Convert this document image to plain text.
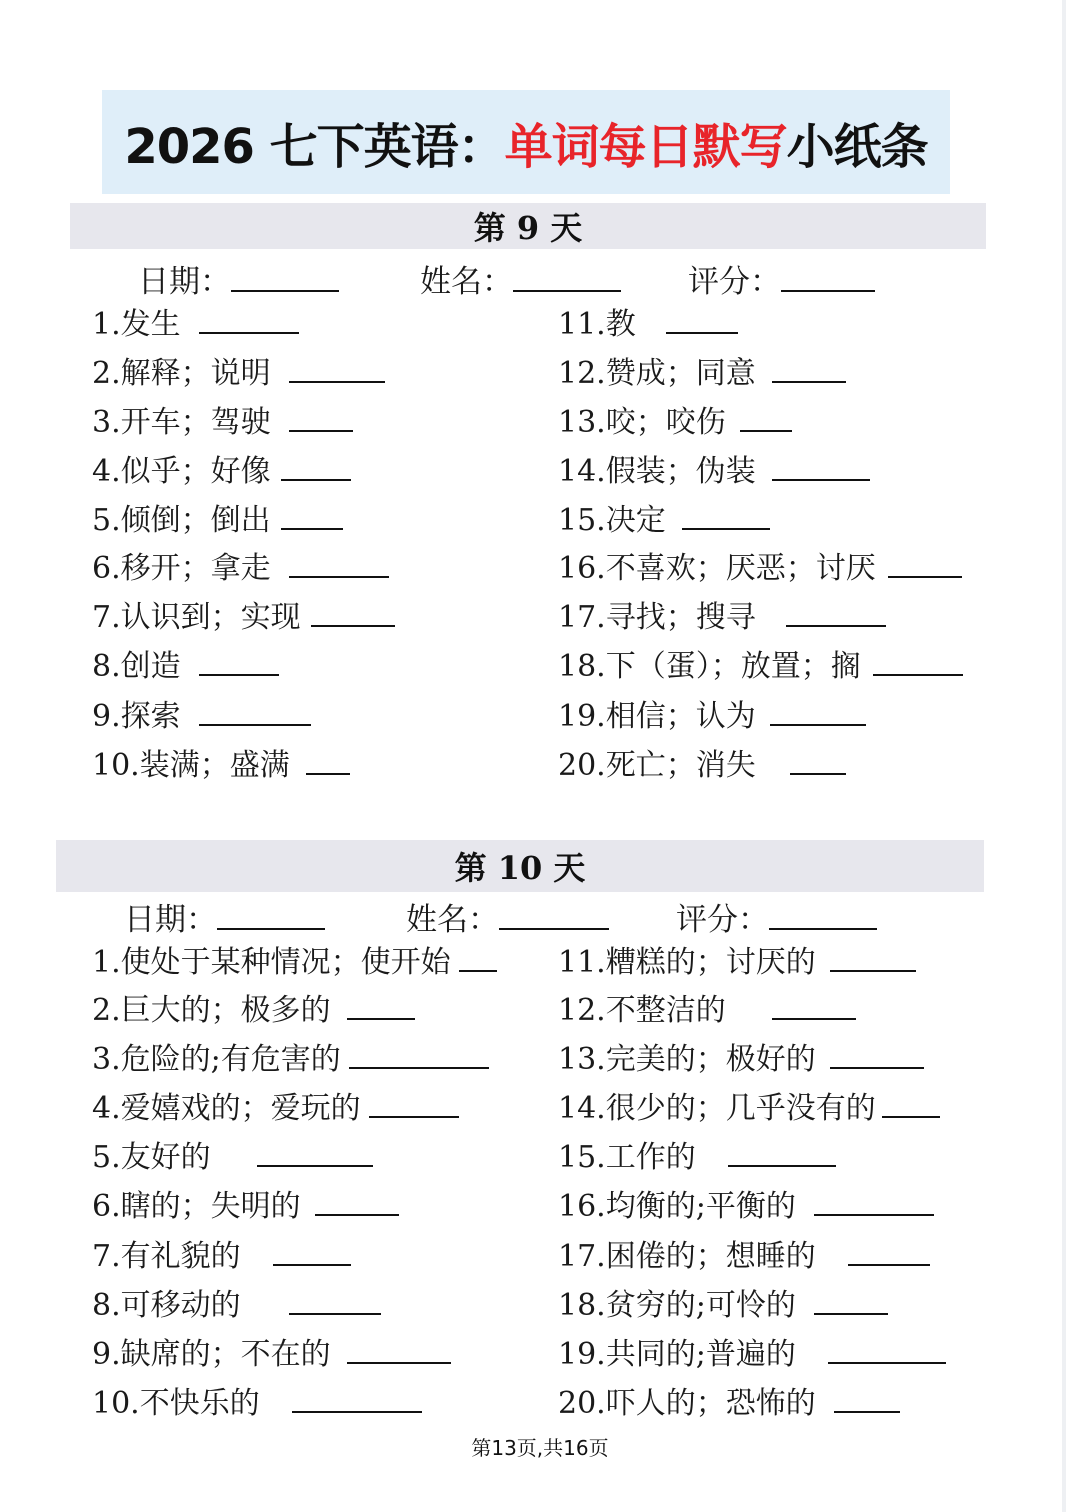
2026 七下英语： 单词每日默写 小纸条
第 9 天
日期：	姓名：	评分：
1.发生
2.解释；说明
3.开车；驾驶
4.似乎；好像
5.倾倒；倒出
6.移开；拿走
7.认识到；实现
8.创造
9.探索
10.装满；盛满
11.教
12.赞成；同意
13.咬；咬伤
14.假装；伪装
15.决定
16.不喜欢；厌恶；讨厌
17.寻找；搜寻
18.下（蛋）；放置；搁
19.相信；认为
20.死亡；消失
第 10 天
日期：	姓名：	评分：
1.使处于某种情况；使开始
2.巨大的；极多的
3.危险的;有危害的
4.爱嬉戏的；爱玩的
5.友好的
6.瞎的；失明的
7.有礼貌的
8.可移动的
9.缺席的；不在的
10.不快乐的
11.糟糕的；讨厌的
12.不整洁的
13.完美的；极好的
14.很少的；几乎没有的
15.工作的
16.均衡的;平衡的
17.困倦的；想睡的
18.贫穷的;可怜的
19.共同的;普遍的
20.吓人的；恐怖的
第13页,共16页
